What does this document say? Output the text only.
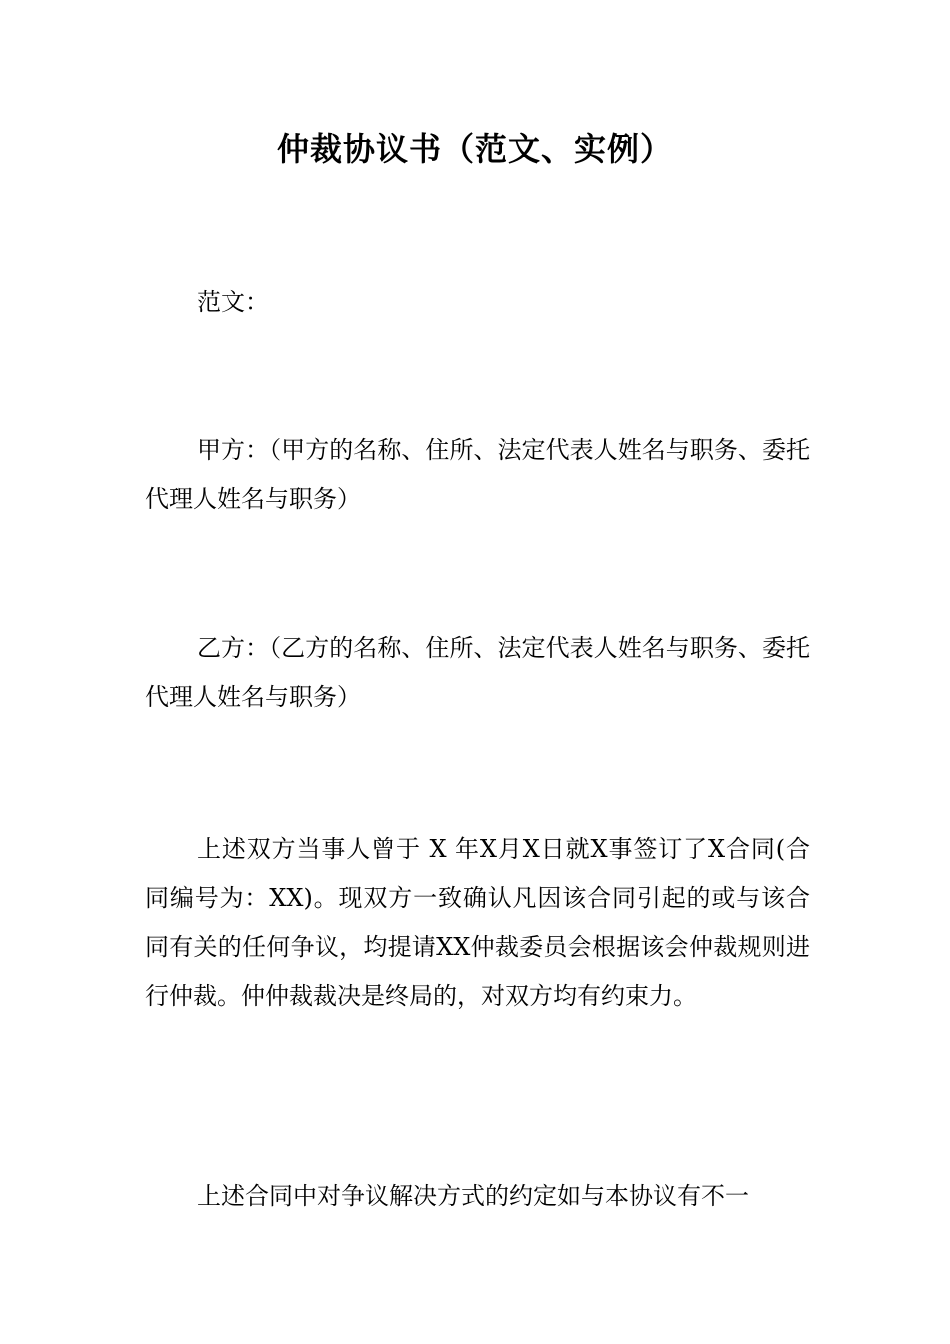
仲裁协议书（范文、实例）

范文：

甲方：（甲方的名称、住所、法定代表人姓名与职务、委托代理人姓名与职务）

乙方：（乙方的名称、住所、法定代表人姓名与职务、委托代理人姓名与职务）

上述双方当事人曾于 X 年X月X日就X事签订了X合同(合同编号为：XX)。现双方一致确认凡因该合同引起的或与该合同有关的任何争议，均提请XX仲裁委员会根据该会仲裁规则进行仲裁。仲仲裁裁决是终局的，对双方均有约束力。

上述合同中对争议解决方式的约定如与本协议有不一
